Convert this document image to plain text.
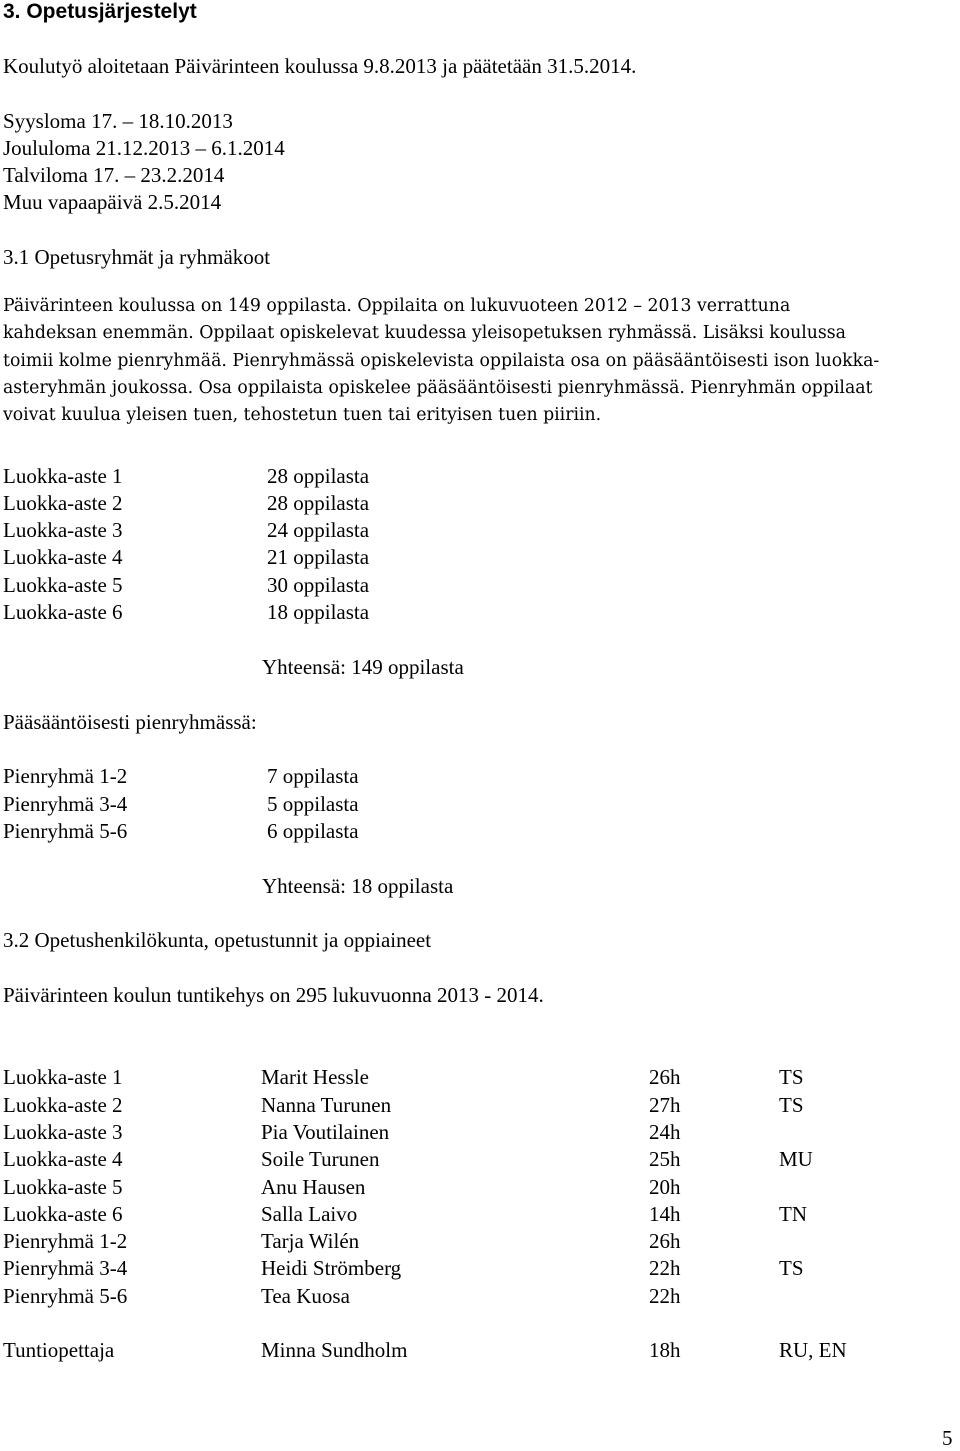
3. Opetusjärjestelyt
Koulutyö aloitetaan Päivärinteen koulussa 9.8.2013 ja päätetään 31.5.2014.
Syysloma 17. – 18.10.2013
Joululoma 21.12.2013 – 6.1.2014
Talviloma 17. – 23.2.2014
Muu vapaapäivä 2.5.2014
3.1 Opetusryhmät ja ryhmäkoot
Päivärinteen koulussa on 149 oppilasta. Oppilaita on lukuvuoteen 2012 – 2013 verrattuna
kahdeksan enemmän. Oppilaat opiskelevat kuudessa yleisopetuksen ryhmässä. Lisäksi koulussa
toimii kolme pienryhmää. Pienryhmässä opiskelevista oppilaista osa on pääsääntöisesti ison luokka-
asteryhmän joukossa. Osa oppilaista opiskelee pääsääntöisesti pienryhmässä. Pienryhmän oppilaat
voivat kuulua yleisen tuen, tehostetun tuen tai erityisen tuen piiriin.
Luokka-aste 1	28 oppilasta
Luokka-aste 2	28 oppilasta
Luokka-aste 3	24 oppilasta
Luokka-aste 4	21 oppilasta
Luokka-aste 5	30 oppilasta
Luokka-aste 6	18 oppilasta
Yhteensä: 149 oppilasta
Pääsääntöisesti pienryhmässä:
Pienryhmä 1-2	7 oppilasta
Pienryhmä 3-4	5 oppilasta
Pienryhmä 5-6	6 oppilasta
Yhteensä: 18 oppilasta
3.2 Opetushenkilökunta, opetustunnit ja oppiaineet
Päivärinteen koulun tuntikehys on 295 lukuvuonna 2013 - 2014.
Luokka-aste 1	Marit Hessle	26h	TS
Luokka-aste 2	Nanna Turunen	27h	TS
Luokka-aste 3	Pia Voutilainen	24h
Luokka-aste 4	Soile Turunen	25h	MU
Luokka-aste 5	Anu Hausen	20h
Luokka-aste 6	Salla Laivo	14h	TN
Pienryhmä 1-2	Tarja Wilén	26h
Pienryhmä 3-4	Heidi Strömberg	22h	TS
Pienryhmä 5-6	Tea Kuosa	22h
Tuntiopettaja	Minna Sundholm	18h	RU, EN
5
